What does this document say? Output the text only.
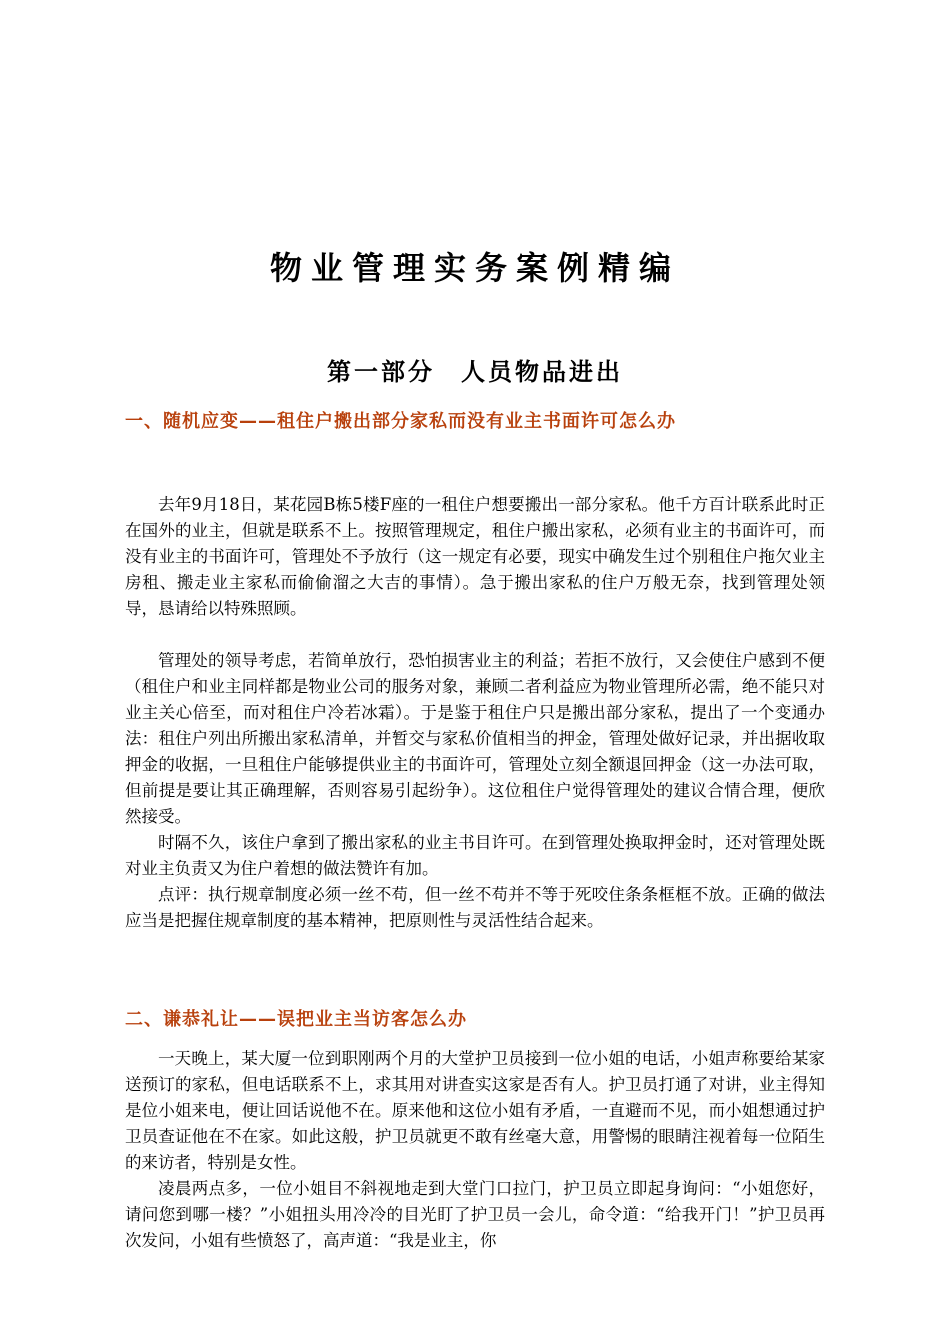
物业管理实务案例精编
第一部分 人员物品进出
一、随机应变——租住户搬出部分家私而没有业主书面许可怎么办

去年9月18日，某花园B栋5楼F座的一租住户想要搬出一部分家私。他千方百计联系此时正在国外的业主，但就是联系不上。按照管理规定，租住户搬出家私，必须有业主的书面许可，而没有业主的书面许可，管理处不予放行（这一规定有必要，现实中确发生过个别租住户拖欠业主房租、搬走业主家私而偷偷溜之大吉的事情）。急于搬出家私的住户万般无奈，找到管理处领导，恳请给以特殊照顾。

管理处的领导考虑，若简单放行，恐怕损害业主的利益；若拒不放行，又会使住户感到不便（租住户和业主同样都是物业公司的服务对象，兼顾二者利益应为物业管理所必需，绝不能只对业主关心倍至，而对租住户冷若冰霜）。于是鉴于租住户只是搬出部分家私，提出了一个变通办法：租住户列出所搬出家私清单，并暂交与家私价值相当的押金，管理处做好记录，并出据收取押金的收据，一旦租住户能够提供业主的书面许可，管理处立刻全额退回押金（这一办法可取，但前提是要让其正确理解，否则容易引起纷争）。这位租住户觉得管理处的建议合情合理，便欣然接受。

时隔不久，该住户拿到了搬出家私的业主书目许可。在到管理处换取押金时，还对管理处既对业主负责又为住户着想的做法赞许有加。

点评：执行规章制度必须一丝不苟，但一丝不苟并不等于死咬住条条框框不放。正确的做法应当是把握住规章制度的基本精神，把原则性与灵活性结合起来。

二、谦恭礼让——误把业主当访客怎么办

一天晚上，某大厦一位到职刚两个月的大堂护卫员接到一位小姐的电话，小姐声称要给某家送预订的家私，但电话联系不上，求其用对讲查实这家是否有人。护卫员打通了对讲，业主得知是位小姐来电，便让回话说他不在。原来他和这位小姐有矛盾，一直避而不见，而小姐想通过护卫员查证他在不在家。如此这般，护卫员就更不敢有丝毫大意，用警惕的眼睛注视着每一位陌生的来访者，特别是女性。

凌晨两点多，一位小姐目不斜视地走到大堂门口拉门，护卫员立即起身询问：“小姐您好，请问您到哪一楼？”小姐扭头用冷冷的目光盯了护卫员一会儿，命令道：“给我开门！”护卫员再次发问，小姐有些愤怒了，高声道：“我是业主，你
